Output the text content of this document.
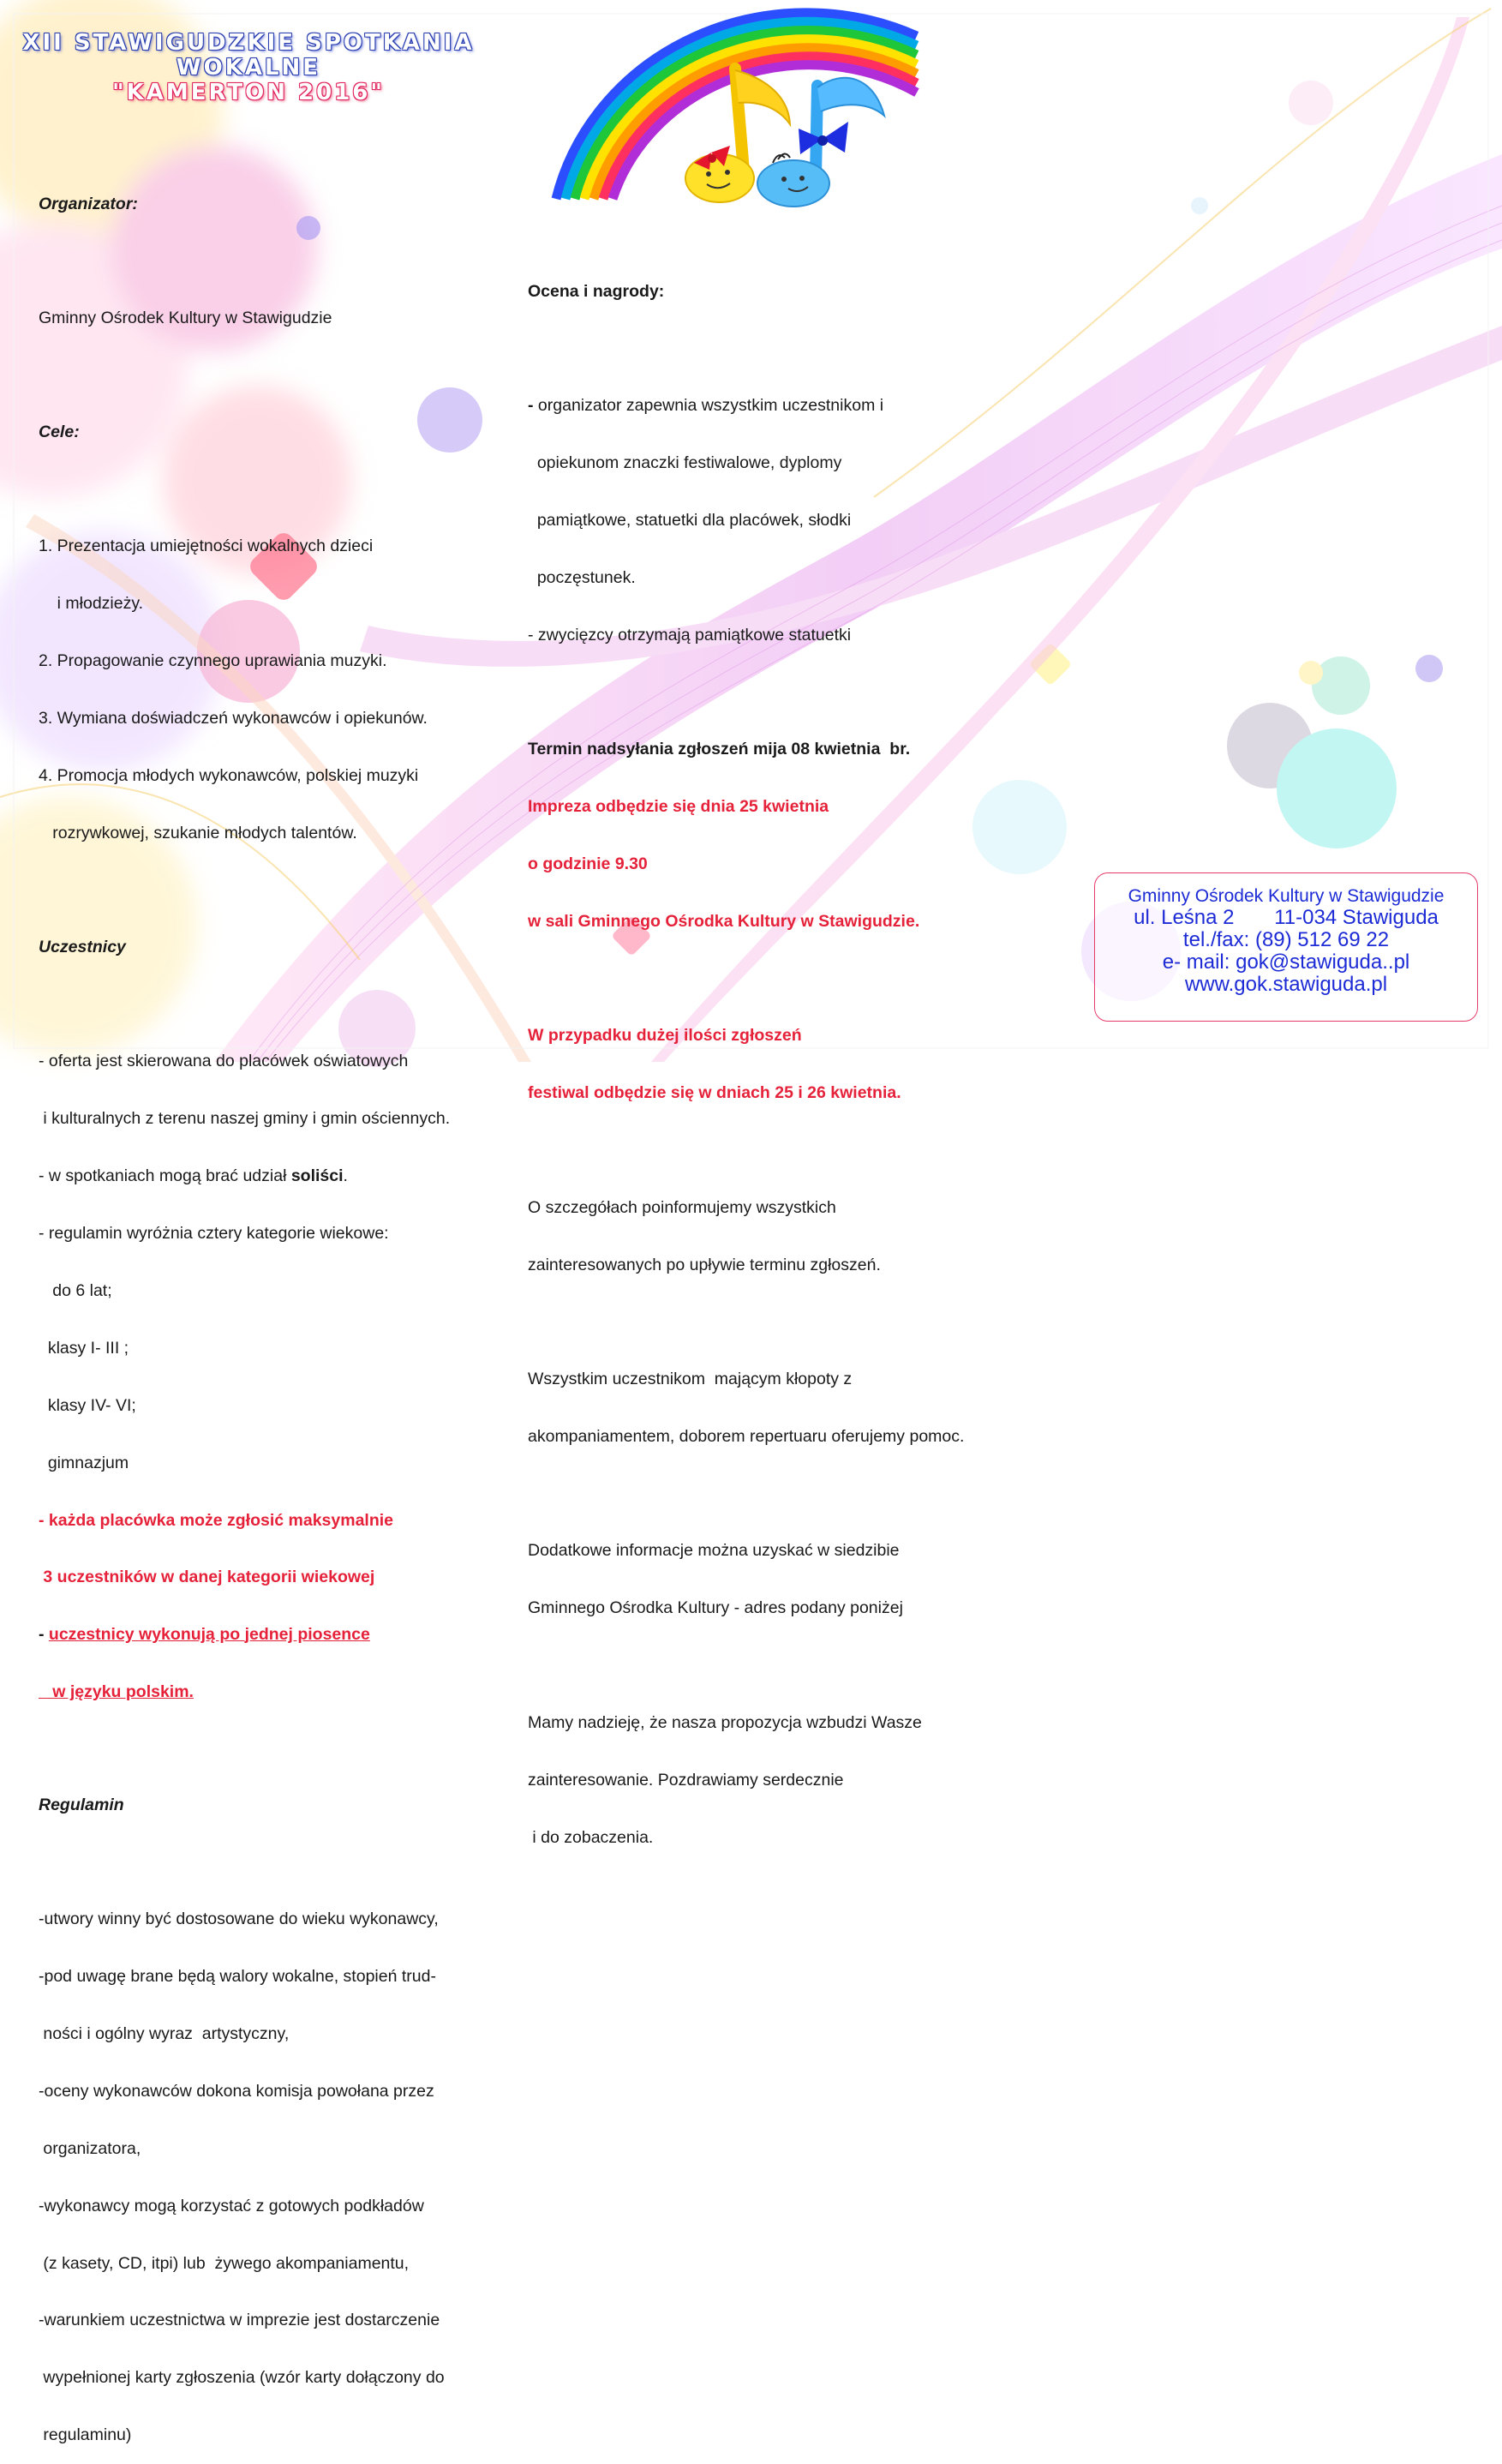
XII STAWIGUDZKIE SPOTKANIA
WOKALNE
"KAMERTON 2016"

Organizator:

Gminny Ośrodek Kultury w Stawigudzie

Cele:

1. Prezentacja umiejętności wokalnych dzieci

i młodzieży.

2. Propagowanie czynnego uprawiania muzyki.

3. Wymiana doświadczeń wykonawców i opiekunów.

4. Promocja młodych wykonawców, polskiej muzyki

rozrywkowej, szukanie młodych talentów.

Uczestnicy

- oferta jest skierowana do placówek oświatowych

i kulturalnych z terenu naszej gminy i gmin ościennych.

- w spotkaniach mogą brać udział soliści.

- regulamin wyróżnia cztery kategorie wiekowe:

do 6 lat;

klasy I- III ;

klasy IV- VI;

gimnazjum

- każda placówka może zgłosić maksymalnie

3 uczestników w danej kategorii wiekowej

- uczestnicy wykonują po jednej piosence

w języku polskim.

Regulamin

-utwory winny być dostosowane do wieku wykonawcy,

-pod uwagę brane będą walory wokalne, stopień trud-

ności i ogólny wyraz  artystyczny,

-oceny wykonawców dokona komisja powołana przez

organizatora,

-wykonawcy mogą korzystać z gotowych podkładów

(z kasety, CD, itpi) lub  żywego akompaniamentu,

-warunkiem uczestnictwa w imprezie jest dostarczenie

wypełnionej karty zgłoszenia (wzór karty dołączony do

regulaminu)

Ocena i nagrody:

- organizator zapewnia wszystkim uczestnikom i

opiekunom znaczki festiwalowe, dyplomy

pamiątkowe, statuetki dla placówek, słodki

poczęstunek.

- zwycięzcy otrzymają pamiątkowe statuetki

Termin nadsyłania zgłoszeń mija 08 kwietnia  br.

Impreza odbędzie się dnia 25 kwietnia

o godzinie 9.30

w sali Gminnego Ośrodka Kultury w Stawigudzie.

W przypadku dużej ilości zgłoszeń

festiwal odbędzie się w dniach 25 i 26 kwietnia.

O szczegółach poinformujemy wszystkich

zainteresowanych po upływie terminu zgłoszeń.

Wszystkim uczestnikom  mającym kłopoty z

akompaniamentem, doborem repertuaru oferujemy pomoc.

Dodatkowe informacje można uzyskać w siedzibie

Gminnego Ośrodka Kultury - adres podany poniżej

Mamy nadzieję, że nasza propozycja wzbudzi Wasze

zainteresowanie. Pozdrawiamy serdecznie

i do zobaczenia.

Gminny Ośrodek Kultury w Stawigudzie
ul. Leśna 2       11-034 Stawiguda
tel./fax: (89) 512 69 22
e- mail: gok@stawiguda..pl
www.gok.stawiguda.pl
